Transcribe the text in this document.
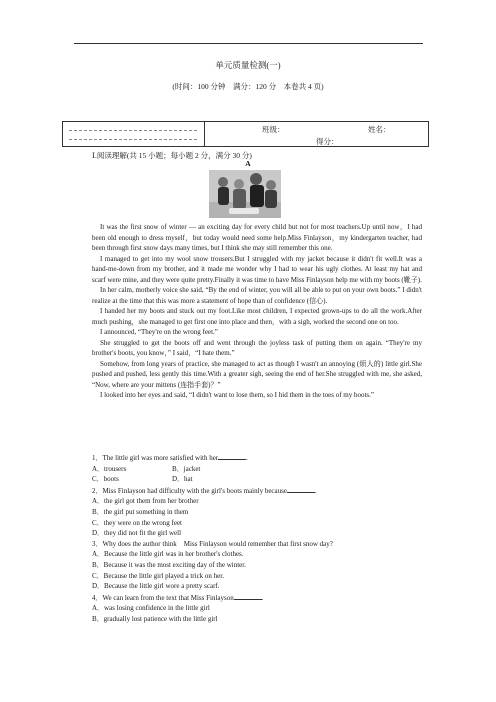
单元质量检测(一)
(时间：100 分钟　满分：120 分　本卷共 4 页)
班级：	姓名：
得分：
Ⅰ.阅读理解(共 15 小题；每小题 2 分，满分 30 分)
A

It was the first snow of winter — an exciting day for every child but not for most teachers.Up until now，I had been old enough to dress myself，but today would need some help.Miss Finlayson，my kindergarten teacher, had been through first snow days many times, but I think she may still remember this one.

I managed to get into my wool snow trousers.But I struggled with my jacket because it didn't fit well.It was a hand-me-down from my brother, and it made me wonder why I had to wear his ugly clothes. At least my hat and scarf were mine, and they were quite pretty.Finally it was time to have Miss Finlayson help me with my boots (靴子).

In her calm, motherly voice she said, “By the end of winter, you will all be able to put on your own boots.” I didn't realize at the time that this was more a statement of hope than of confidence (信心).

I handed her my boots and stuck out my foot.Like most children, I expected grown-ups to do all the work.After much pushing，she managed to get first one into place and then，with a sigh, worked the second one on too.

I announced, “They're on the wrong feet.”

She struggled to get the boots off and went through the joyless task of putting them on again. “They're my brother's boots, you know，” I said，“I hate them.”

Somehow, from long years of practice, she managed to act as though I wasn't an annoying (烦人的) little girl.She pushed and pushed, less gently this time.With a greater sigh, seeing the end of her.She struggled with me, she asked, “Now, where are your mittens (连指手套)？”

I looked into her eyes and said, “I didn't want to lose them, so I hid them in the toes of my boots.”

1．The little girl was more satisfied with her	.
A．trousers	B．jacket
C．boots	D．hat
2．Miss Finlayson had difficulty with the girl's boots mainly because	.
A．the girl got them from her brother
B．the girl put something in them
C．they were on the wrong feet
D．they did not fit the girl well
3．Why does the author think　Miss Finlayson would remember that first snow day?
A．Because the little girl was in her brother's clothes.
B．Because it was the most exciting day of the winter.
C．Because the little girl played a trick on her.
D．Because the little girl wore a pretty scarf.
4．We can learn from the text that Miss Finlayson	.
A．was losing confidence in the little girl
B．gradually lost patience with the little girl
